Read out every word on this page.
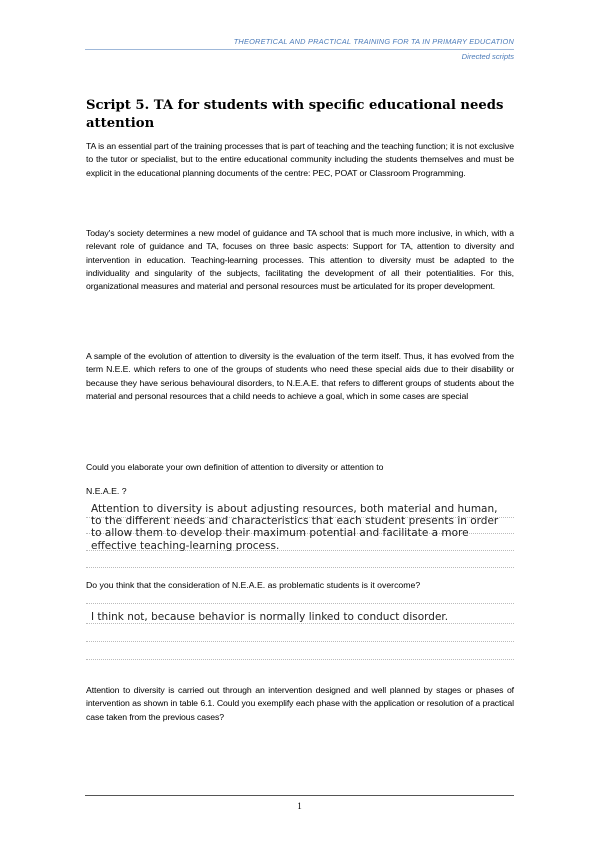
THEORETICAL AND PRACTICAL TRAINING FOR TA IN PRIMARY EDUCATION
Directed scripts
Script 5. TA for students with specific educational needs attention
TA is an essential part of the training processes that is part of teaching and the teaching function; it is not exclusive to the tutor or specialist, but to the entire educational community including the students themselves and must be explicit in the educational planning documents of the centre: PEC, POAT or Classroom Programming.
Today's society determines a new model of guidance and TA school that is much more inclusive, in which, with a relevant role of guidance and TA, focuses on three basic aspects: Support for TA, attention to diversity and intervention in education. Teaching-learning processes. This attention to diversity must be adapted to the individuality and singularity of the subjects, facilitating the development of all their potentialities. For this, organizational measures and material and personal resources must be articulated for its proper development.
A sample of the evolution of attention to diversity is the evaluation of the term itself. Thus, it has evolved from the term N.E.E. which refers to one of the groups of students who need these special aids due to their disability or because they have serious behavioural disorders, to N.E.A.E. that refers to different groups of students about the material and personal resources that a child needs to achieve a goal, which in some cases are special
Could you elaborate your own definition of attention to diversity or attention to
N.E.A.E. ?
Attention to diversity is about adjusting resources, both material and human, to the different needs and characteristics that each student presents in order to allow them to develop their maximum potential and facilitate a more effective teaching-learning process.
Do you think that the consideration of N.E.A.E. as problematic students is it overcome?
I think not, because behavior is normally linked to conduct disorder.
Attention to diversity is carried out through an intervention designed and well planned by stages or phases of intervention as shown in table 6.1. Could you exemplify each phase with the application or resolution of a practical case taken from the previous cases?
1
